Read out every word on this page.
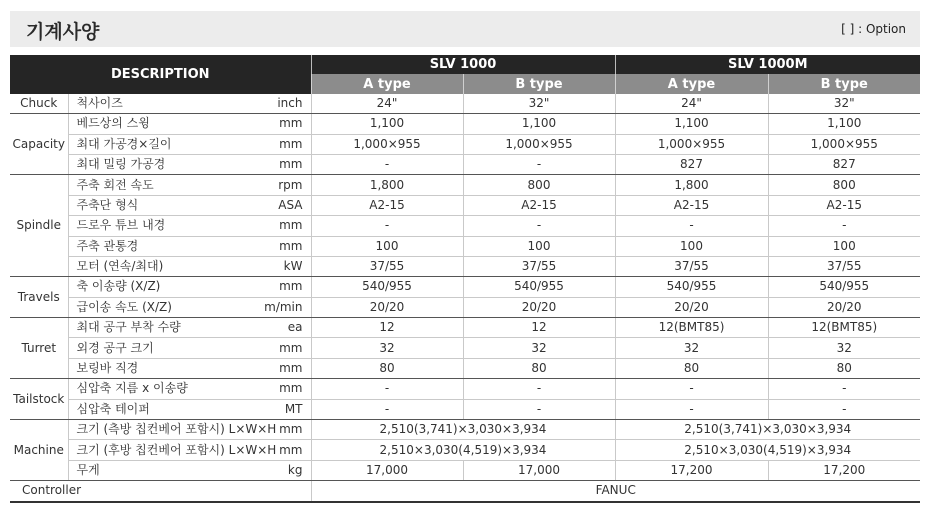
기계사양	[ ] : Option
DESCRIPTION			SLV 1000		SLV 1000M	
			A type	B type	A type	B type
Chuck	척사이즈	inch	24"	32"	24"	32"
Capacity	베드상의 스윙	mm	1,100	1,100	1,100	1,100
	최대 가공경×길이	mm	1,000×955	1,000×955	1,000×955	1,000×955
	최대 밀링 가공경	mm	-	-	827	827
Spindle	주축 회전 속도	rpm	1,800	800	1,800	800
	주축단 형식	ASA	A2-15	A2-15	A2-15	A2-15
	드로우 튜브 내경	mm	-	-	-	-
	주축 관통경	mm	100	100	100	100
	모터 (연속/최대)	kW	37/55	37/55	37/55	37/55
Travels	축 이송량 (X/Z)	mm	540/955	540/955	540/955	540/955
	급이송 속도 (X/Z)	m/min	20/20	20/20	20/20	20/20
Turret	최대 공구 부착 수량	ea	12	12	12(BMT85)	12(BMT85)
	외경 공구 크기	mm	32	32	32	32
	보링바 직경	mm	80	80	80	80
Tailstock	심압축 지름 x 이송량	mm	-	-	-	-
	심압축 테이퍼	MT	-	-	-	-
Machine	크기 (측방 칩컨베어 포함시) L×W×H	mm	2,510(3,741)×3,030×3,934		2,510(3,741)×3,030×3,934	
	크기 (후방 칩컨베어 포함시) L×W×H	mm	2,510×3,030(4,519)×3,934		2,510×3,030(4,519)×3,934	
	무게	kg	17,000	17,000	17,200	17,200
Controller			FANUC			
